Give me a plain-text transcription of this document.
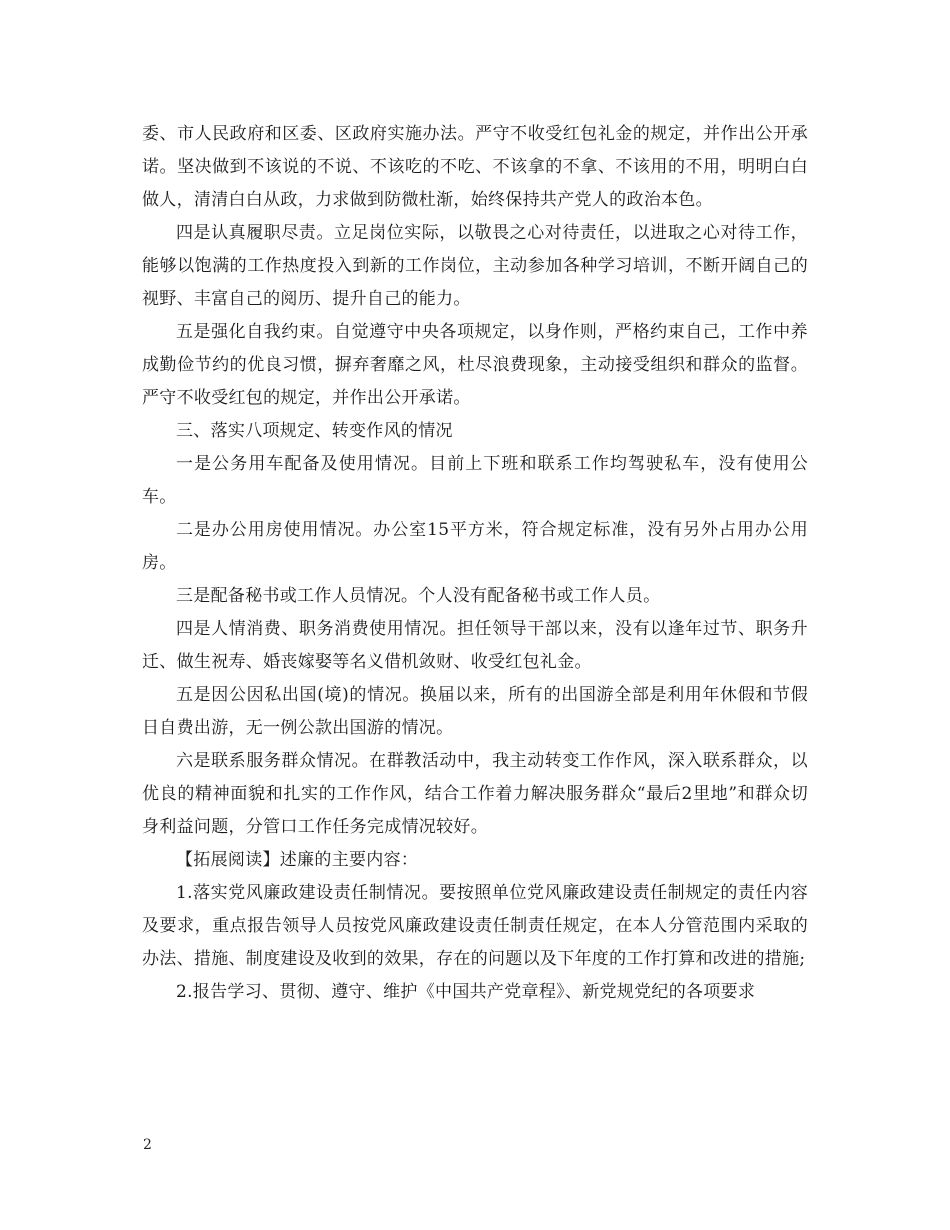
委、市人民政府和区委、区政府实施办法。严守不收受红包礼金的规定，并作出公开承诺。坚决做到不该说的不说、不该吃的不吃、不该拿的不拿、不该用的不用，明明白白做人，清清白白从政，力求做到防微杜渐，始终保持共产党人的政治本色。

四是认真履职尽责。立足岗位实际，以敬畏之心对待责任，以进取之心对待工作，能够以饱满的工作热度投入到新的工作岗位，主动参加各种学习培训，不断开阔自己的视野、丰富自己的阅历、提升自己的能力。

五是强化自我约束。自觉遵守中央各项规定，以身作则，严格约束自己，工作中养成勤俭节约的优良习惯，摒弃奢靡之风，杜尽浪费现象，主动接受组织和群众的监督。严守不收受红包的规定，并作出公开承诺。

三、落实八项规定、转变作风的情况

一是公务用车配备及使用情况。目前上下班和联系工作均驾驶私车，没有使用公车。

二是办公用房使用情况。办公室15平方米，符合规定标准，没有另外占用办公用房。

三是配备秘书或工作人员情况。个人没有配备秘书或工作人员。

四是人情消费、职务消费使用情况。担任领导干部以来，没有以逢年过节、职务升迁、做生祝寿、婚丧嫁娶等名义借机敛财、收受红包礼金。

五是因公因私出国(境)的情况。换届以来，所有的出国游全部是利用年休假和节假日自费出游，无一例公款出国游的情况。

六是联系服务群众情况。在群教活动中，我主动转变工作作风，深入联系群众，以优良的精神面貌和扎实的工作作风，结合工作着力解决服务群众“最后2里地”和群众切身利益问题，分管口工作任务完成情况较好。

【拓展阅读】述廉的主要内容：

1.落实党风廉政建设责任制情况。要按照单位党风廉政建设责任制规定的责任内容及要求，重点报告领导人员按党风廉政建设责任制责任规定，在本人分管范围内采取的办法、措施、制度建设及收到的效果，存在的问题以及下年度的工作打算和改进的措施;

2.报告学习、贯彻、遵守、维护《中国共产党章程》、新党规党纪的各项要求

2
